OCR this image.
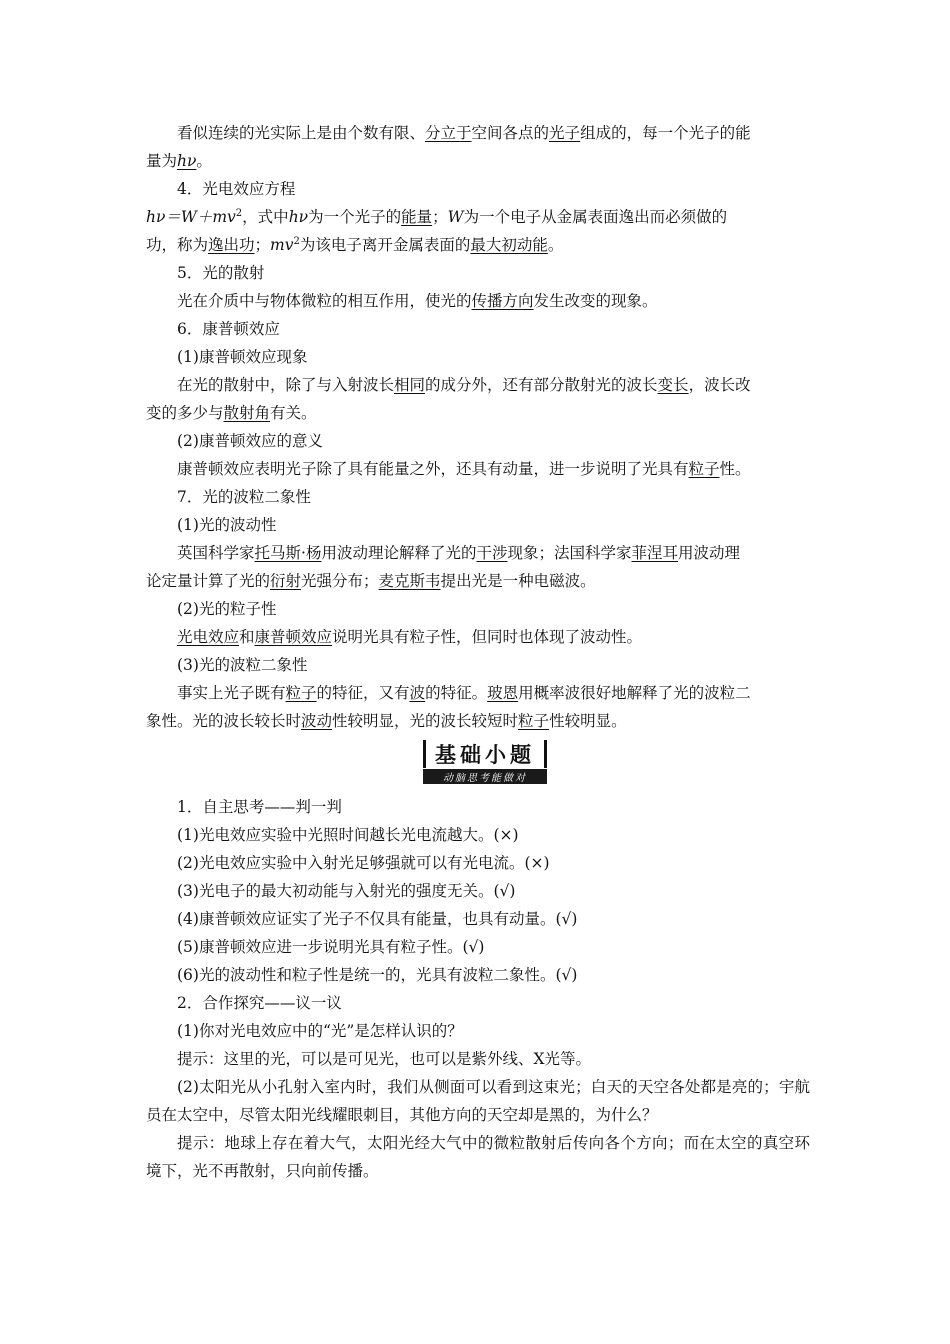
看似连续的光实际上是由个数有限、分立于空间各点的光子组成的，每一个光子的能
量为hν。
4．光电效应方程
$h\nu=W+mv^2$，式中hν为一个光子的能量；W为一个电子从金属表面逸出而必须做的
功，称为逸出功；$mv^2$为该电子离开金属表面的最大初动能。
5．光的散射
光在介质中与物体微粒的相互作用，使光的传播方向发生改变的现象。
6．康普顿效应
(1)康普顿效应现象
在光的散射中，除了与入射波长相同的成分外，还有部分散射光的波长变长，波长改
变的多少与散射角有关。
(2)康普顿效应的意义
康普顿效应表明光子除了具有能量之外，还具有动量，进一步说明了光具有粒子性。
7．光的波粒二象性
(1)光的波动性
英国科学家托马斯·杨用波动理论解释了光的干涉现象；法国科学家菲涅耳用波动理
论定量计算了光的衍射光强分布；麦克斯韦提出光是一种电磁波。
(2)光的粒子性
光电效应和康普顿效应说明光具有粒子性，但同时也体现了波动性。
(3)光的波粒二象性
事实上光子既有粒子的特征，又有波的特征。玻恩用概率波很好地解释了光的波粒二
象性。光的波长较长时波动性较明显，光的波长较短时粒子性较明显。
基础小题
动脑思考能做对
1．自主思考——判一判
(1)光电效应实验中光照时间越长光电流越大。(×)
(2)光电效应实验中入射光足够强就可以有光电流。(×)
(3)光电子的最大初动能与入射光的强度无关。(√)
(4)康普顿效应证实了光子不仅具有能量，也具有动量。(√)
(5)康普顿效应进一步说明光具有粒子性。(√)
(6)光的波动性和粒子性是统一的，光具有波粒二象性。(√)
2．合作探究——议一议
(1)你对光电效应中的“光”是怎样认识的？
提示：这里的光，可以是可见光，也可以是紫外线、X光等。
(2)太阳光从小孔射入室内时，我们从侧面可以看到这束光；白天的天空各处都是亮的；宇航员在太空中，尽管太阳光线耀眼刺目，其他方向的天空却是黑的，为什么？
提示：地球上存在着大气，太阳光经大气中的微粒散射后传向各个方向；而在太空的真空环境下，光不再散射，只向前传播。
